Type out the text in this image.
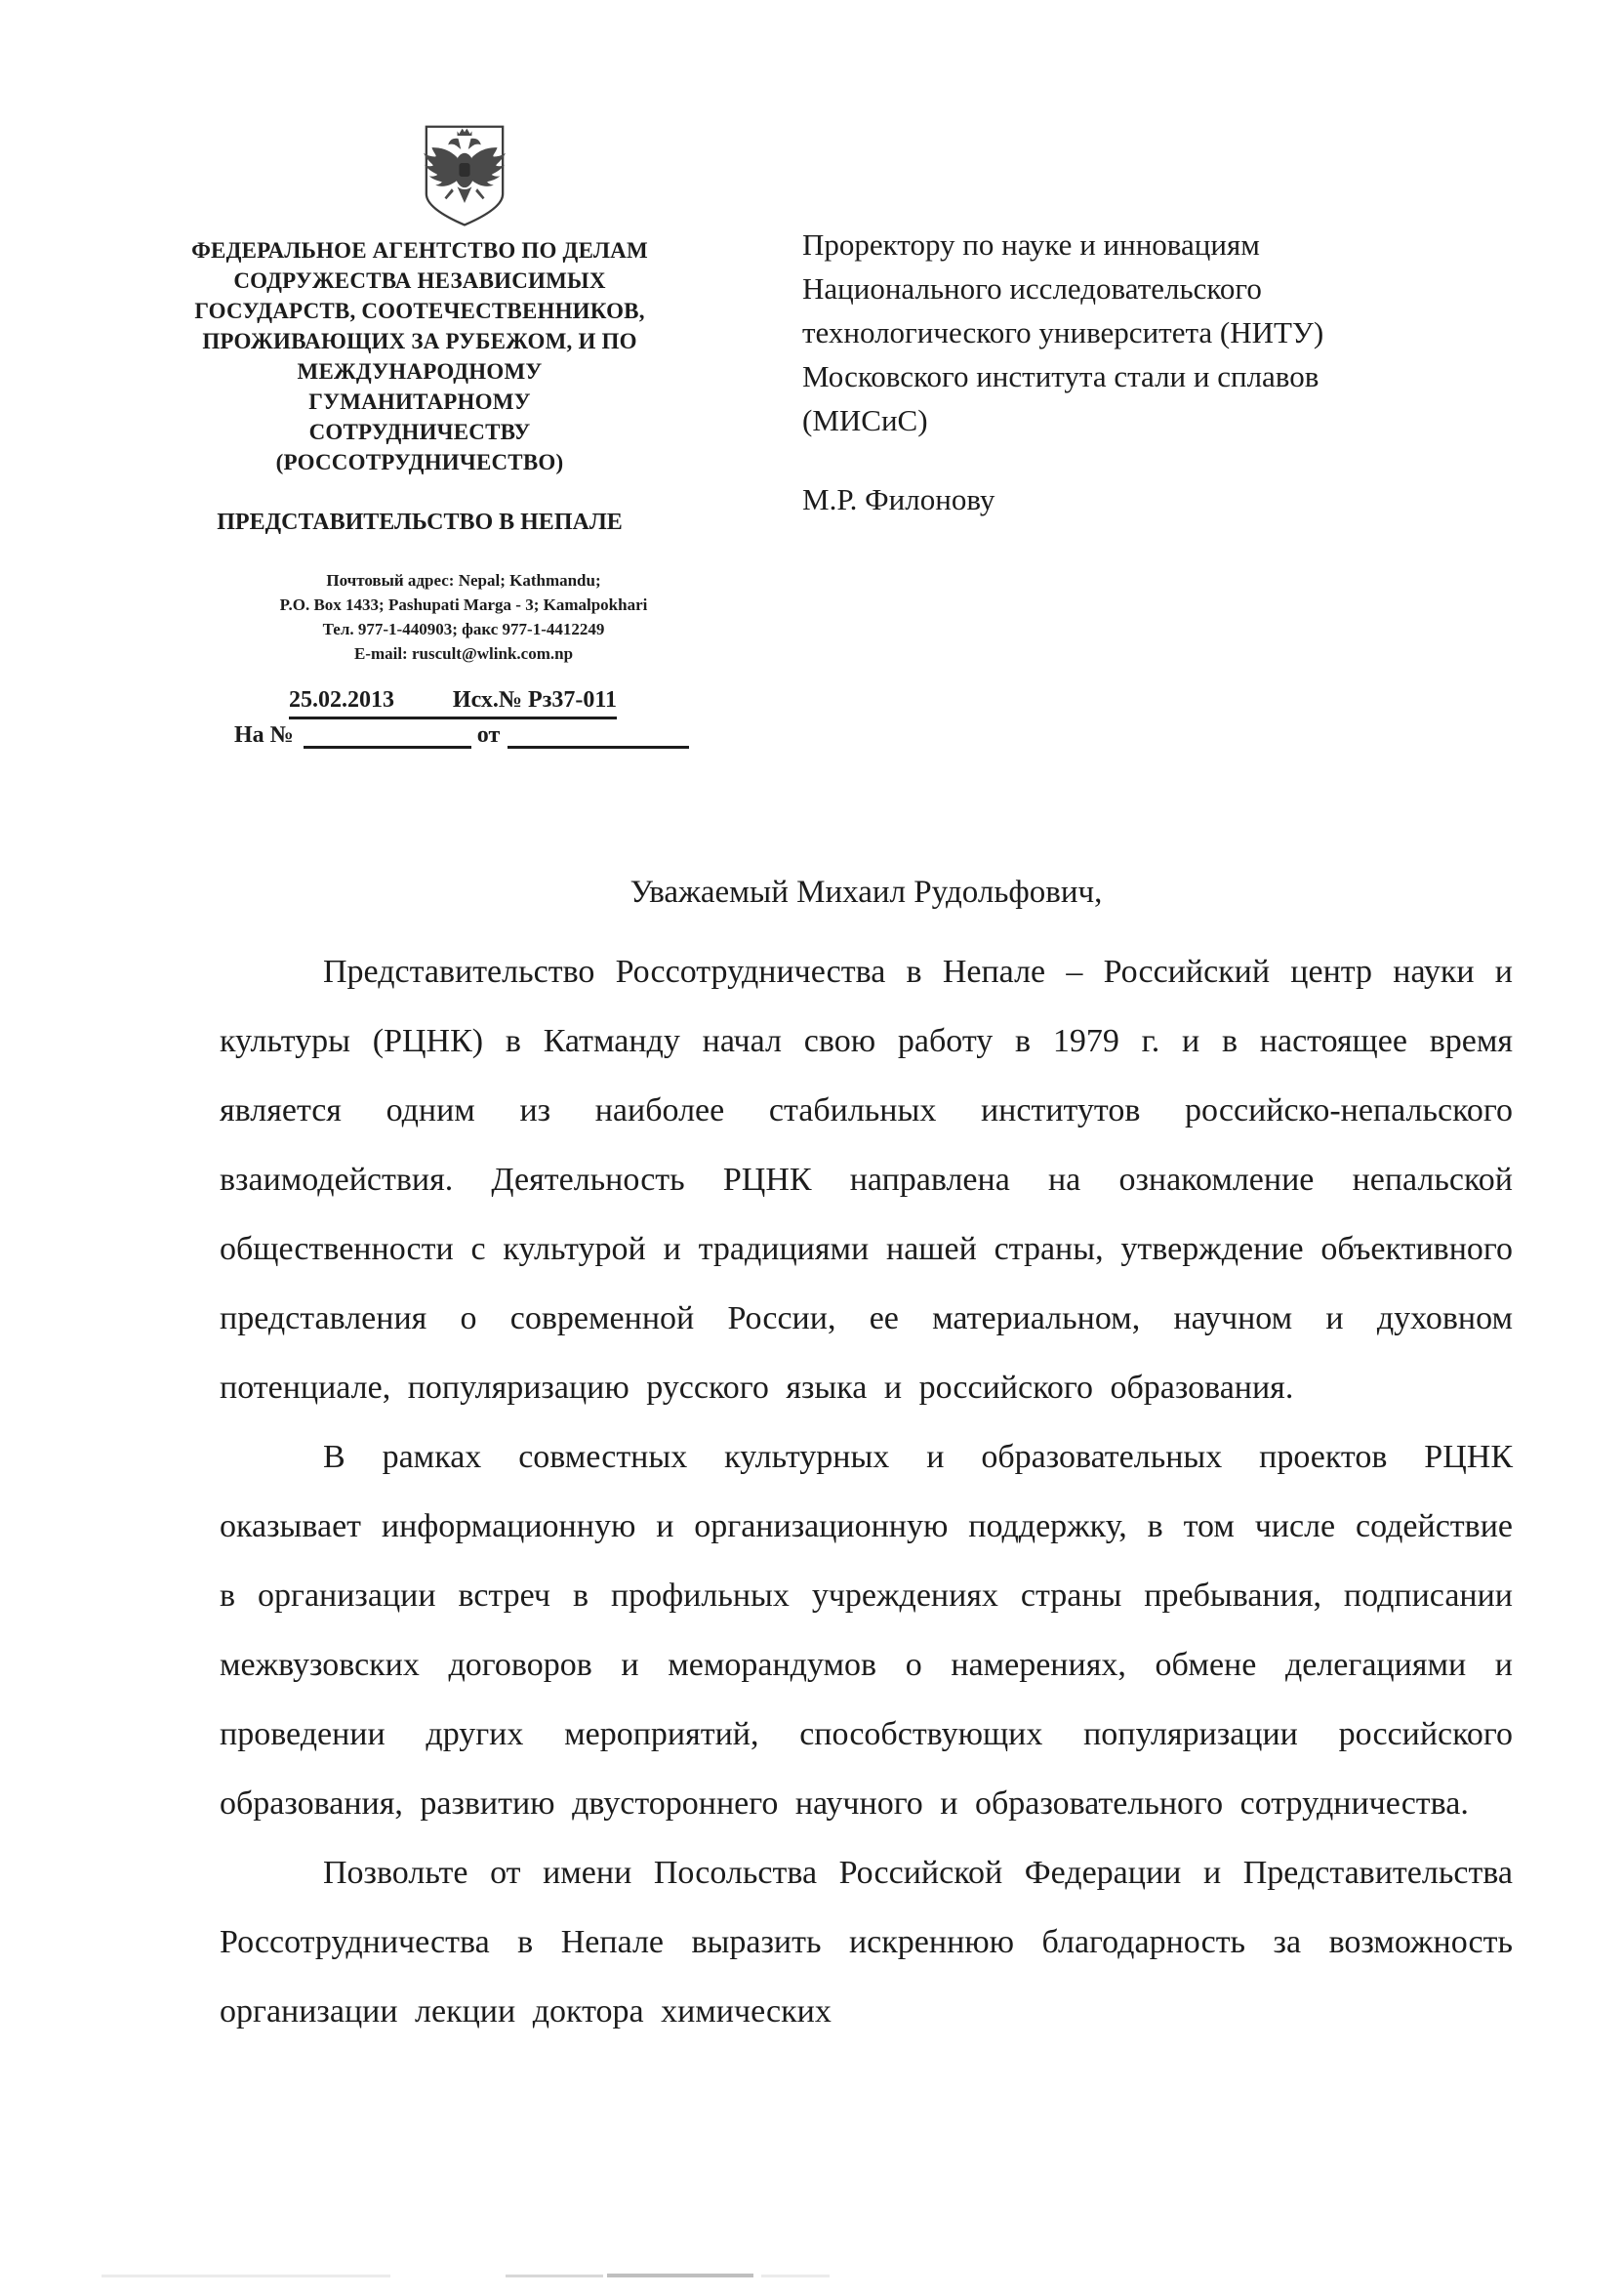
ФЕДЕРАЛЬНОЕ АГЕНТСТВО ПО ДЕЛАМ
СОДРУЖЕСТВА НЕЗАВИСИМЫХ
ГОСУДАРСТВ, СООТЕЧЕСТВЕННИКОВ,
ПРОЖИВАЮЩИХ ЗА РУБЕЖОМ, И ПО
МЕЖДУНАРОДНОМУ
ГУМАНИТАРНОМУ
СОТРУДНИЧЕСТВУ
(РОССОТРУДНИЧЕСТВО)
ПРЕДСТАВИТЕЛЬСТВО В НЕПАЛЕ
Почтовый адрес: Nepal; Kathmandu;
P.O. Box 1433; Pashupati Marga - 3; Kamalpokhari
Тел. 977-1-440903; факс 977-1-4412249
E-mail: ruscult@wlink.com.np
25.02.2013 Исх.№ Рз37-011
На №	от
Проректору по науке и инновациям
Национального исследовательского
технологического университета (НИТУ)
Московского института стали и сплавов
(МИСиС)
М.Р. Филонову
Уважаемый Михаил Рудольфович,

Представительство Россотрудничества в Непале – Российский центр науки и культуры (РЦНК) в Катманду начал свою работу в 1979 г. и в настоящее время является одним из наиболее стабильных институтов российско-непальского взаимодействия. Деятельность РЦНК направлена на ознакомление непальской общественности с культурой и традициями нашей страны, утверждение объективного представления о современной России, ее материальном, научном и духовном потенциале, популяризацию русского языка и российского образования.

В рамках совместных культурных и образовательных проектов РЦНК оказывает информационную и организационную поддержку, в том числе содействие в организации встреч в профильных учреждениях страны пребывания, подписании межвузовских договоров и меморандумов о намерениях, обмене делегациями и проведении других мероприятий, способствующих популяризации российского образования, развитию двустороннего научного и образовательного сотрудничества.

Позвольте от имени Посольства Российской Федерации и Представительства Россотрудничества в Непале выразить искреннюю благодарность за возможность организации лекции доктора химических
